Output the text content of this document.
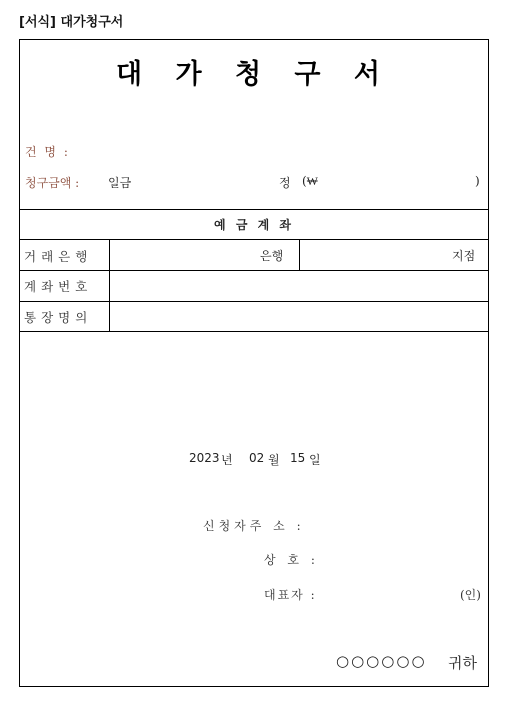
[서식] 대가청구서
대 가 청 구 서
건 명 :
청구금액 : 일금	정 (₩	)
예 금 계 좌
거래은행	은행	지점
계좌번호
통장명의
2023 년 02 월 15 일
신청자주 소 :
상 호 :
대표자 :	(인)
○○○○○○ 귀하
